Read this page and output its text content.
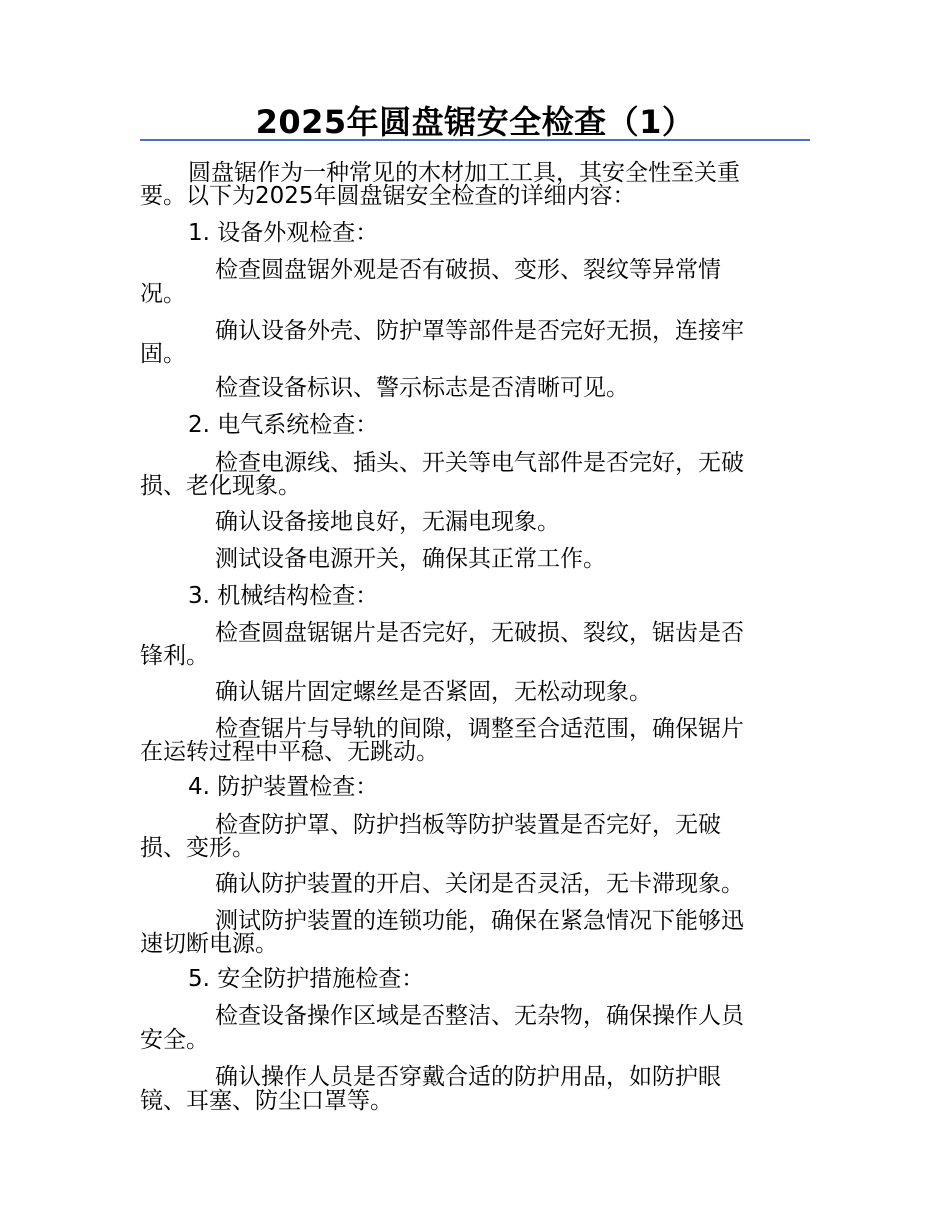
2025年圆盘锯安全检查（1）
圆盘锯作为一种常见的木材加工工具，其安全性至关重
要。以下为2025年圆盘锯安全检查的详细内容：
1. 设备外观检查：
检查圆盘锯外观是否有破损、变形、裂纹等异常情
况。
确认设备外壳、防护罩等部件是否完好无损，连接牢
固。
检查设备标识、警示标志是否清晰可见。
2. 电气系统检查：
检查电源线、插头、开关等电气部件是否完好，无破
损、老化现象。
确认设备接地良好，无漏电现象。
测试设备电源开关，确保其正常工作。
3. 机械结构检查：
检查圆盘锯锯片是否完好，无破损、裂纹，锯齿是否
锋利。
确认锯片固定螺丝是否紧固，无松动现象。
检查锯片与导轨的间隙，调整至合适范围，确保锯片
在运转过程中平稳、无跳动。
4. 防护装置检查：
检查防护罩、防护挡板等防护装置是否完好，无破
损、变形。
确认防护装置的开启、关闭是否灵活，无卡滞现象。
测试防护装置的连锁功能，确保在紧急情况下能够迅
速切断电源。
5. 安全防护措施检查：
检查设备操作区域是否整洁、无杂物，确保操作人员
安全。
确认操作人员是否穿戴合适的防护用品，如防护眼
镜、耳塞、防尘口罩等。
